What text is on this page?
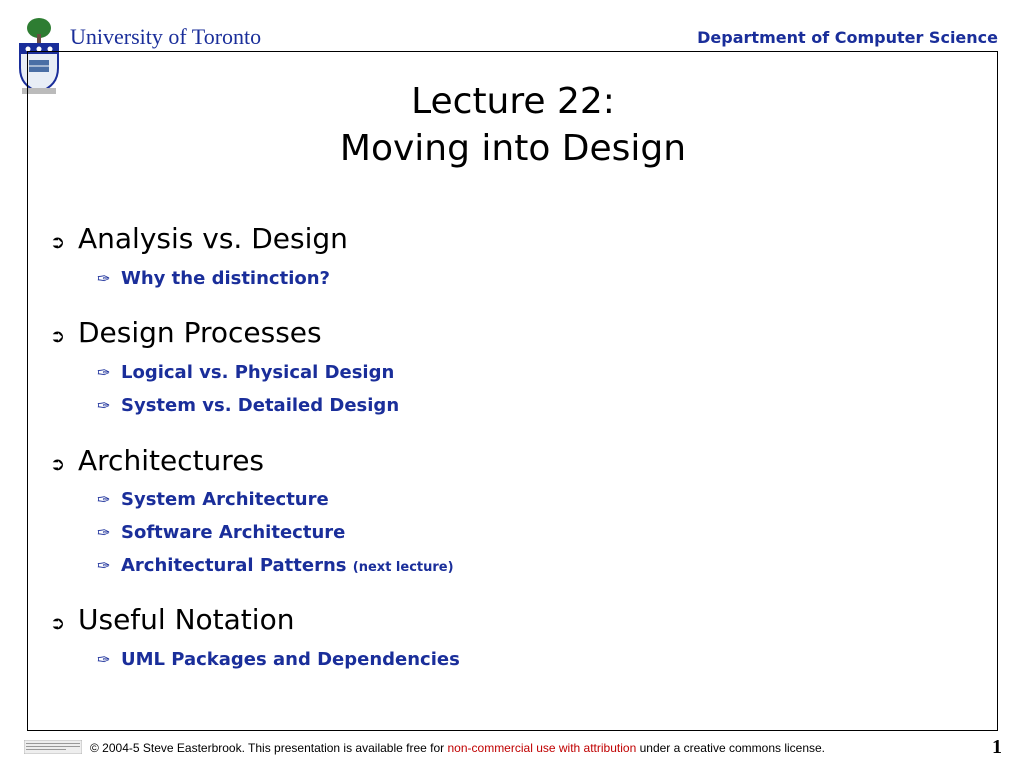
University of Toronto	Department of Computer Science
Lecture 22:
Moving into Design
➲ Analysis vs. Design
✑ Why the distinction?
➲ Design Processes
✑ Logical vs. Physical Design
✑ System vs. Detailed Design
➲ Architectures
✑ System Architecture
✑ Software Architecture
✑ Architectural Patterns (next lecture)
➲ Useful Notation
✑ UML Packages and Dependencies
© 2004-5 Steve Easterbrook. This presentation is available free for non-commercial use with attribution under a creative commons license.	1
